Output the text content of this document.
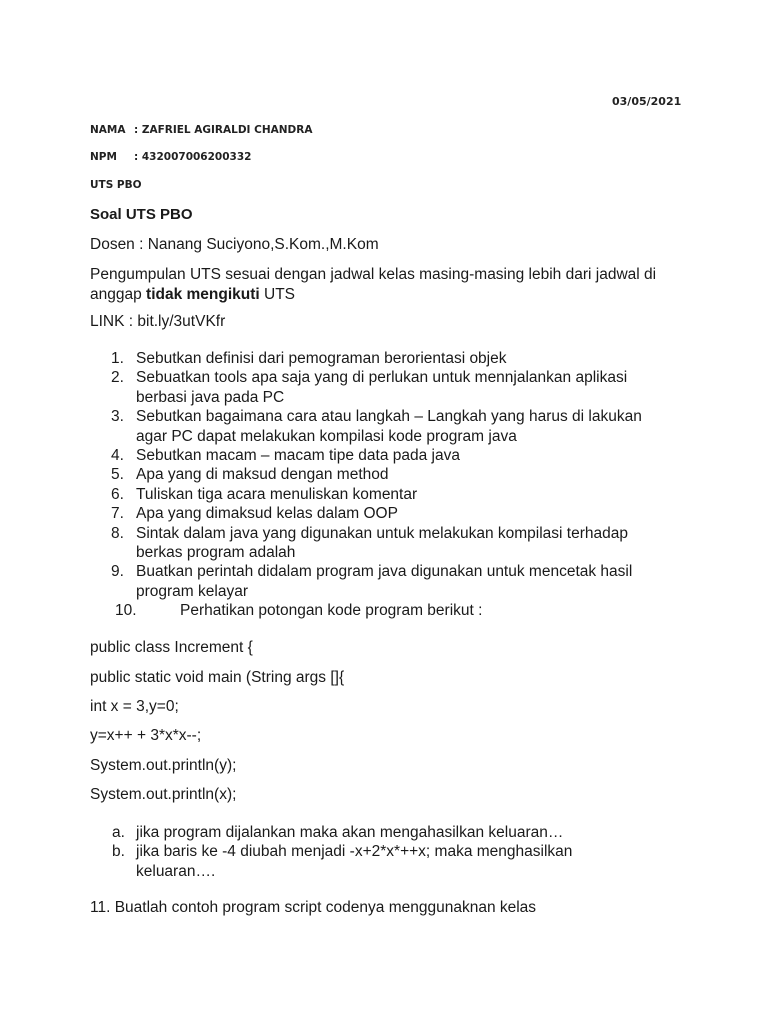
03/05/2021
NAMA : ZAFRIEL AGIRALDI CHANDRA
NPM : 432007006200332
UTS PBO
Soal UTS PBO
Dosen : Nanang Suciyono,S.Kom.,M.Kom
Pengumpulan UTS sesuai dengan jadwal kelas masing-masing lebih dari jadwal di anggap tidak mengikuti UTS
LINK : bit.ly/3utVKfr
1. Sebutkan definisi dari pemograman berorientasi objek
2. Sebuatkan tools apa saja yang di perlukan untuk mennjalankan aplikasi berbasi java pada PC
3. Sebutkan bagaimana cara atau langkah – Langkah yang harus di lakukan agar PC dapat melakukan kompilasi kode program java
4. Sebutkan macam – macam tipe data pada java
5. Apa yang di maksud dengan method
6. Tuliskan tiga acara menuliskan komentar
7. Apa yang dimaksud kelas dalam OOP
8. Sintak dalam java yang digunakan untuk melakukan kompilasi terhadap berkas program adalah
9. Buatkan perintah didalam program java digunakan untuk mencetak hasil program kelayar
10.	Perhatikan potongan kode program berikut :
public class Increment {
public static void main (String args []{
int x = 3,y=0;
y=x++ + 3*x*x--;
System.out.println(y);
System.out.println(x);
a. jika program dijalankan maka akan mengahasilkan keluaran…
b. jika baris ke -4 diubah menjadi -x+2*x*++x; maka menghasilkan keluaran….
11. Buatlah contoh program script codenya menggunaknan kelas
